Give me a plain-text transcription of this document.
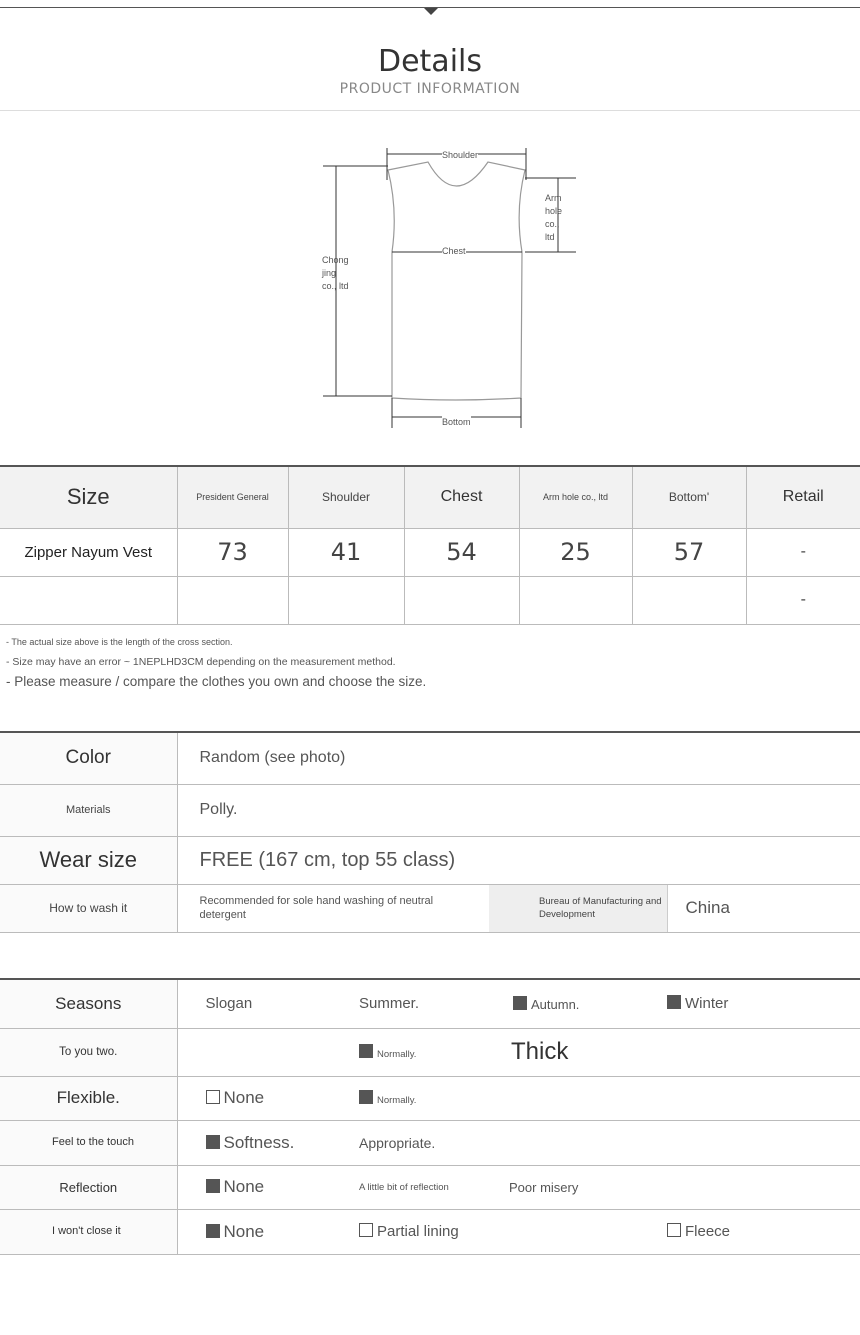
Details
PRODUCT INFORMATION
Shoulder
Arm hole co., ltd
Chest
Chong jing co., ltd
Bottom
Size	President General	Shoulder	Chest	Arm hole co., ltd	Bottom'	Retail
Zipper Nayum Vest	73	41	54	25	57	-
						-
- The actual size above is the length of the cross section.
- Size may have an error ~ 1NEPLHD3CM depending on the measurement method.
- Please measure / compare the clothes you own and choose the size.
Color	Random (see photo)		
Materials	Polly.		
Wear size	FREE (167 cm, top 55 class)		
How to wash it	Recommended for sole hand washing of neutral detergent	Bureau of Manufacturing and Development	China
Seasons	Slogan	Summer.	Autumn.	Winter
To you two.		Normally.	Thick	
Flexible.	None	Normally.		
Feel to the touch	Softness.	Appropriate.		
Reflection	None	A little bit of reflection	Poor misery	
I won't close it	None	Partial lining		Fleece
